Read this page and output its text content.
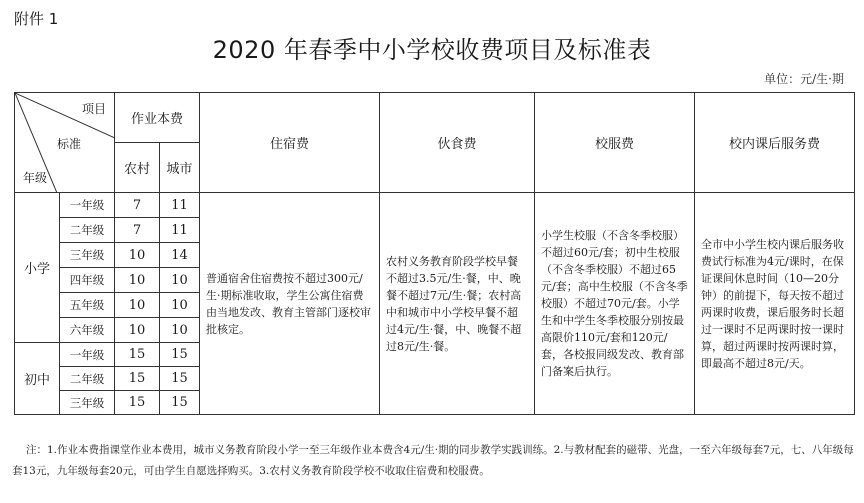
附件 1
2020 年春季中小学校收费项目及标准表
单位：元/生·期
项目
标准
年级		作业本费		住宿费	伙食费	校服费	校内课后服务费
		农村	城市				
小学	一年级	7	11	普通宿舍住宿费按不超过300元/生·期标准收取，学生公寓住宿费由当地发改、教育主管部门逐校审批核定。	农村义务教育阶段学校早餐不超过3.5元/生·餐，中、晚餐不超过7元/生·餐；农村高中和城市中小学校早餐不超过4元/生·餐，中、晚餐不超过8元/生·餐。	小学生校服（不含冬季校服）不超过60元/套；初中生校服（不含冬季校服）不超过65元/套；高中生校服（不含冬季校服）不超过70元/套。小学生和中学生冬季校服分别按最高限价110元/套和120元/套，各校报同级发改、教育部门备案后执行。	全市中小学生校内课后服务收费试行标准为4元/课时，在保证课间休息时间（10—20分钟）的前提下，每天按不超过两课时收费，课后服务时长超过一课时不足两课时按一课时算，超过两课时按两课时算，即最高不超过8元/天。
	二年级	7	11				
	三年级	10	14				
	四年级	10	10				
	五年级	10	10				
	六年级	10	10				
初中	一年级	15	15				
	二年级	15	15				
	三年级	15	15				
注：1.作业本费指课堂作业本费用，城市义务教育阶段小学一至三年级作业本费含4元/生·期的同步教学实践训练。2.与教材配套的磁带、光盘，一至六年级每套7元，七、八年级每套13元，九年级每套20元，可由学生自愿选择购买。3.农村义务教育阶段学校不收取住宿费和校服费。
